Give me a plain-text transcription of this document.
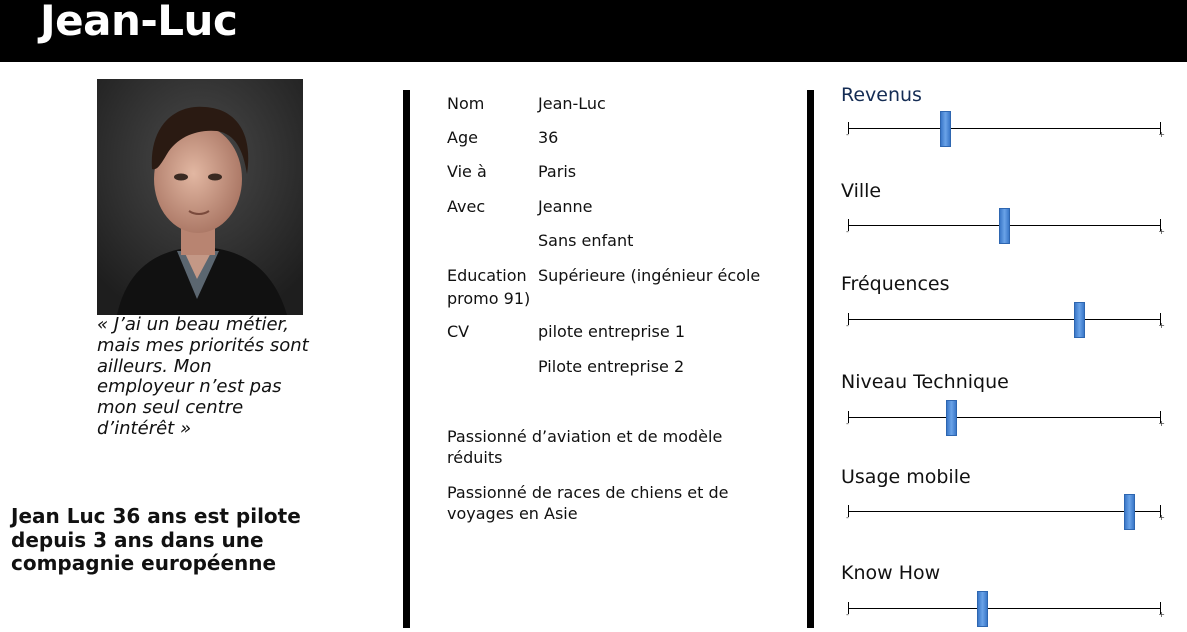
Jean-Luc
« J’ai un beau métier, mais mes priorités sont ailleurs. Mon employeur n’est pas mon seul centre d’intérêt »
Jean Luc 36 ans est pilote depuis 3 ans dans une compagnie européenne
Nom	Jean-Luc
Age	36
Vie à	Paris
Avec	Jeanne
Sans enfant
Education Supérieure (ingénieur école
promo 91)
CV	pilote entreprise 1
Pilote entreprise 2
Passionné d’aviation et de modèle réduits
Passionné de races de chiens et de voyages en Asie
Revenus
-	+
Ville
-	+
Fréquences
-	+
Niveau Technique
-	+
Usage mobile
-	+
Know How
-	+
